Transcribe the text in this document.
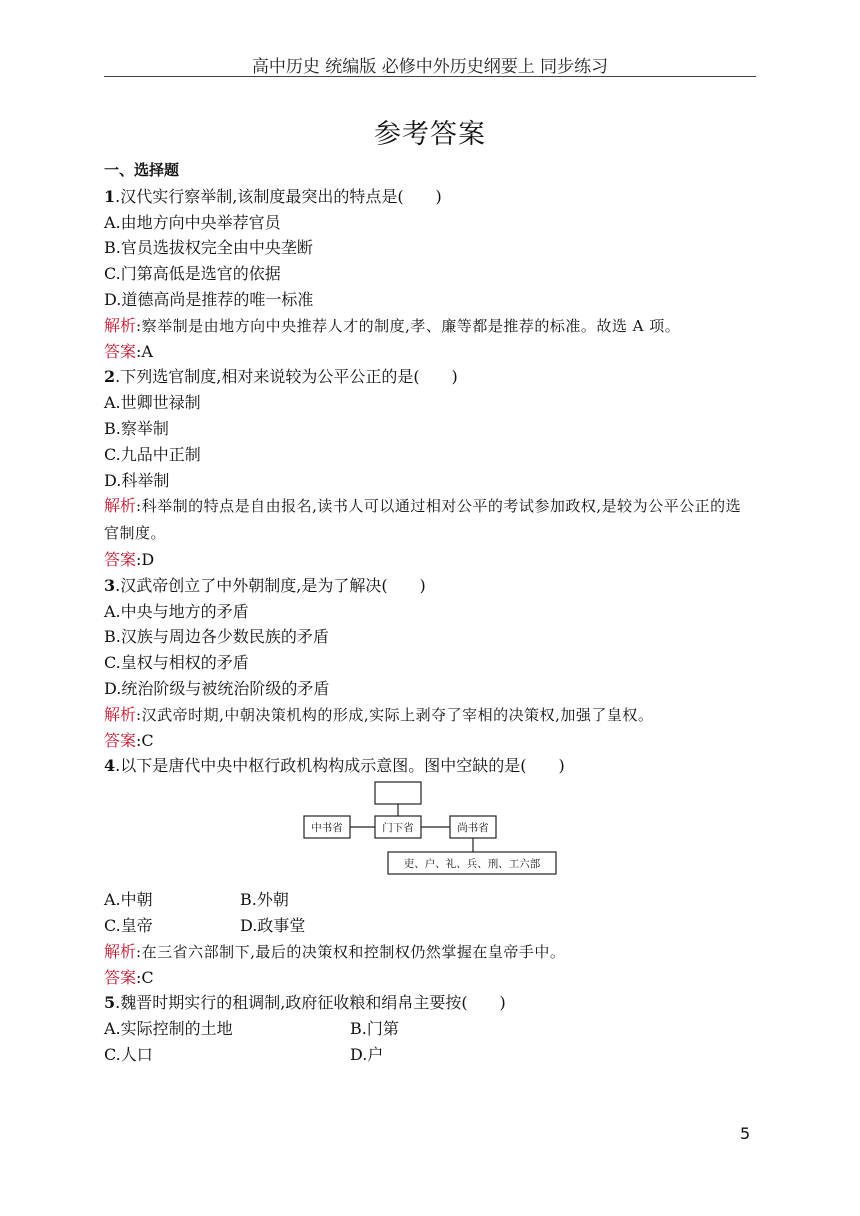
高中历史 统编版 必修中外历史纲要上 同步练习
参考答案
一、选择题
1.汉代实行察举制,该制度最突出的特点是(　　)
A.由地方向中央举荐官员
B.官员选拔权完全由中央垄断
C.门第高低是选官的依据
D.道德高尚是推荐的唯一标准
解析:察举制是由地方向中央推荐人才的制度,孝、廉等都是推荐的标准。故选 A 项。
答案:A
2.下列选官制度,相对来说较为公平公正的是(　　)
A.世卿世禄制
B.察举制
C.九品中正制
D.科举制
解析:科举制的特点是自由报名,读书人可以通过相对公平的考试参加政权,是较为公平公正的选官制度。
答案:D
3.汉武帝创立了中外朝制度,是为了解决(　　)
A.中央与地方的矛盾
B.汉族与周边各少数民族的矛盾
C.皇权与相权的矛盾
D.统治阶级与被统治阶级的矛盾
解析:汉武帝时期,中朝决策机构的形成,实际上剥夺了宰相的决策权,加强了皇权。
答案:C
4.以下是唐代中央中枢行政机构构成示意图。图中空缺的是(　　)
中书省	门下省	尚书省
吏、户、礼、兵、刑、工六部
A.中朝	B.外朝
C.皇帝	D.政事堂
解析:在三省六部制下,最后的决策权和控制权仍然掌握在皇帝手中。
答案:C
5.魏晋时期实行的租调制,政府征收粮和绢帛主要按(　　)
A.实际控制的土地	B.门第
C.人口	D.户
5
